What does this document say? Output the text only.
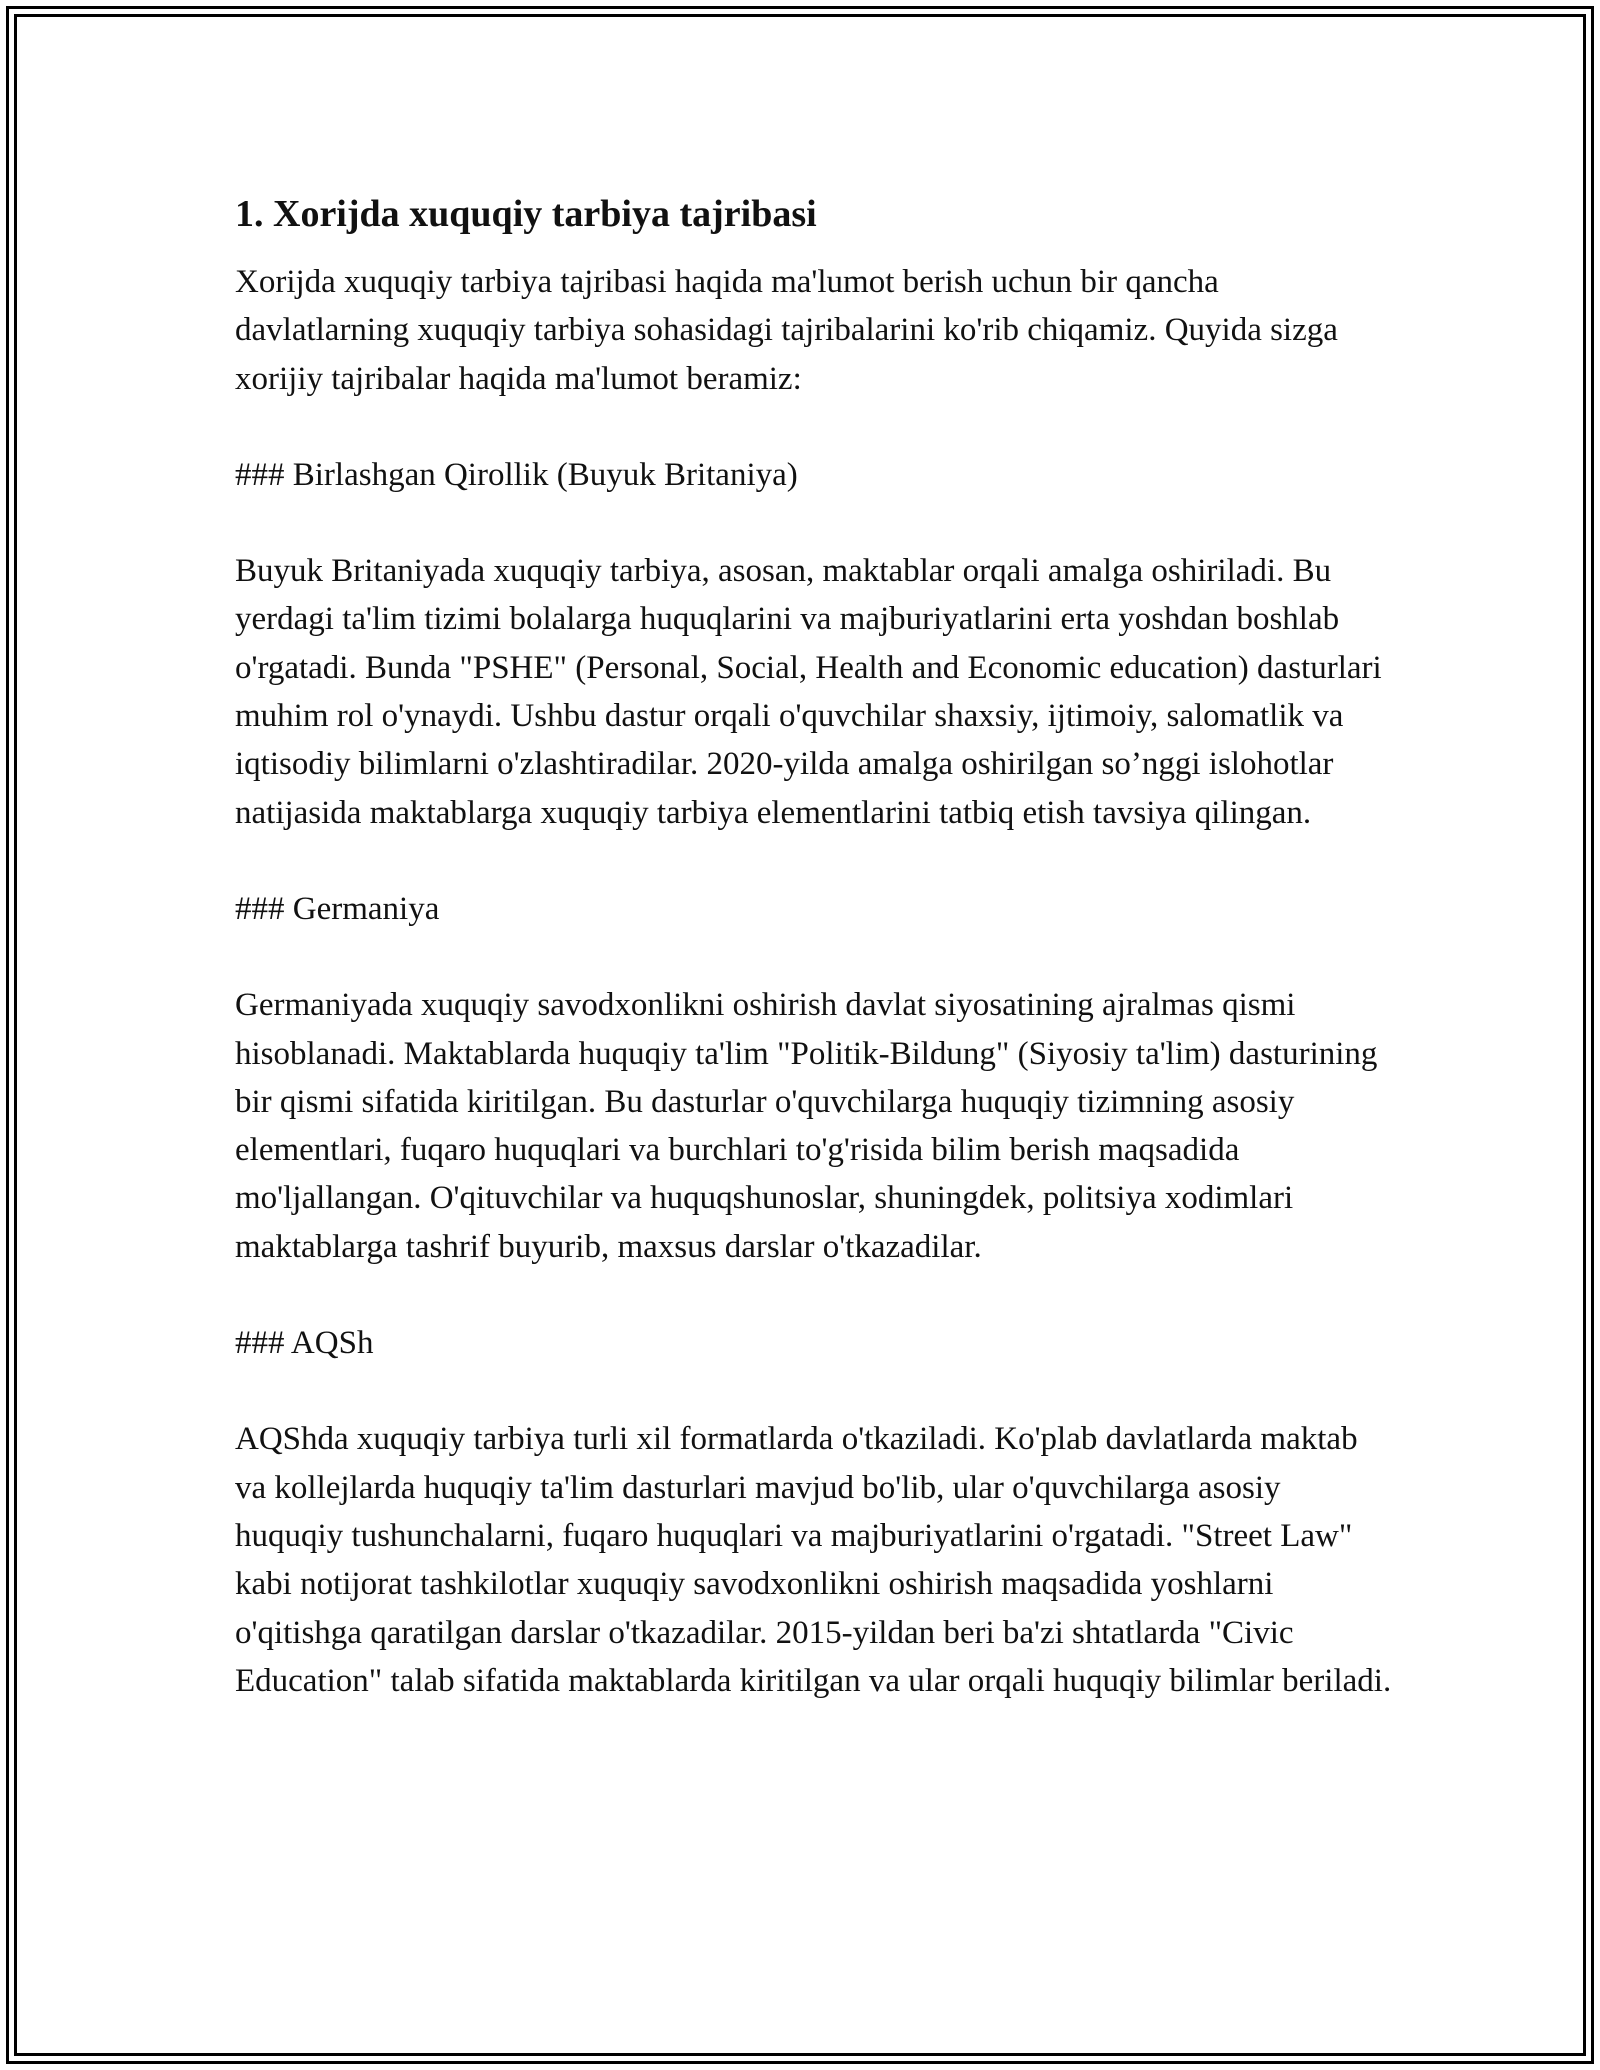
1. Xorijda xuquqiy tarbiya tajribasi

Xorijda xuquqiy tarbiya tajribasi haqida ma'lumot berish uchun bir qancha davlatlarning xuquqiy tarbiya sohasidagi tajribalarini ko'rib chiqamiz. Quyida sizga xorijiy tajribalar haqida ma'lumot beramiz:

### Birlashgan Qirollik (Buyuk Britaniya)

Buyuk Britaniyada xuquqiy tarbiya, asosan, maktablar orqali amalga oshiriladi. Bu yerdagi ta'lim tizimi bolalarga huquqlarini va majburiyatlarini erta yoshdan boshlab o'rgatadi. Bunda "PSHE" (Personal, Social, Health and Economic education) dasturlari muhim rol o'ynaydi. Ushbu dastur orqali o'quvchilar shaxsiy, ijtimoiy, salomatlik va iqtisodiy bilimlarni o'zlashtiradilar. 2020-yilda amalga oshirilgan so’nggi islohotlar natijasida maktablarga xuquqiy tarbiya elementlarini tatbiq etish tavsiya qilingan.

### Germaniya

Germaniyada xuquqiy savodxonlikni oshirish davlat siyosatining ajralmas qismi hisoblanadi. Maktablarda huquqiy ta'lim "Politik-Bildung" (Siyosiy ta'lim) dasturining bir qismi sifatida kiritilgan. Bu dasturlar o'quvchilarga huquqiy tizimning asosiy elementlari, fuqaro huquqlari va burchlari to'g'risida bilim berish maqsadida mo'ljallangan. O'qituvchilar va huquqshunoslar, shuningdek, politsiya xodimlari maktablarga tashrif buyurib, maxsus darslar o'tkazadilar.

### AQSh

AQShda xuquqiy tarbiya turli xil formatlarda o'tkaziladi. Ko'plab davlatlarda maktab va kollejlarda huquqiy ta'lim dasturlari mavjud bo'lib, ular o'quvchilarga asosiy huquqiy tushunchalarni, fuqaro huquqlari va majburiyatlarini o'rgatadi. "Street Law" kabi notijorat tashkilotlar xuquqiy savodxonlikni oshirish maqsadida yoshlarni o'qitishga qaratilgan darslar o'tkazadilar. 2015-yildan beri ba'zi shtatlarda "Civic Education" talab sifatida maktablarda kiritilgan va ular orqali huquqiy bilimlar beriladi.
